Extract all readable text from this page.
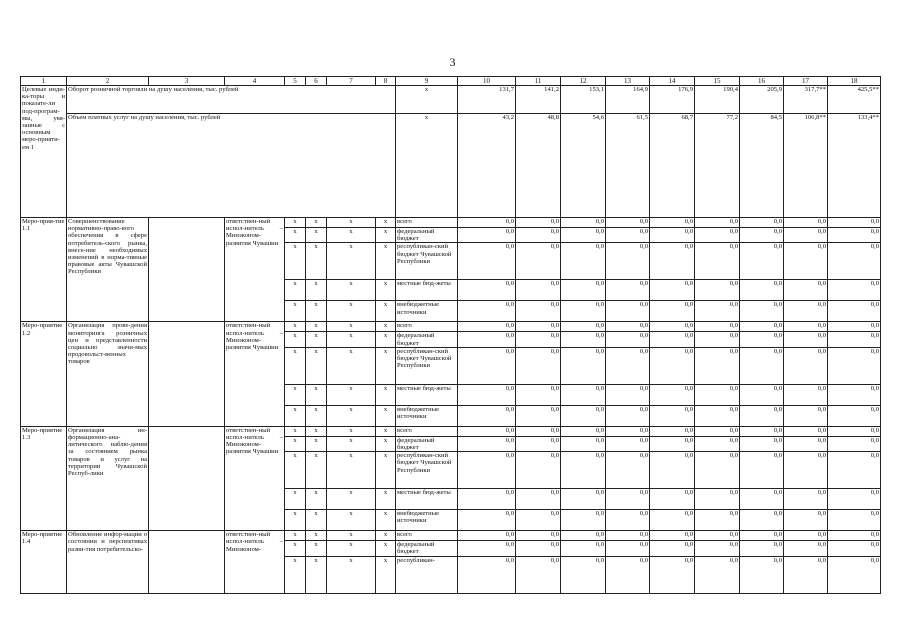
3
1	2	3	4	5	6	7	8	9	10	11	12	13	14	15	16	17	18
Целевые инди-ка-торы и показате-ли под-програм-мы, увя-занные с основным меро-прияти-ем 1	Оборот розничной торговли на душу населения, тыс. рублей							x	131,7	141,2	153,1	164,9	176,9	190,4	205,9	317,7**	425,5**
	Объем платных услуг на душу населения, тыс. рублей							x	43,2	48,8	54,6	61,5	68,7	77,2	84,5	106,8**	133,4**
Меро-прия-тие 1.1	Совершенствование нормативно-право-вого обеспечения в сфере потребитель-ского рынка, внесе-ние необходимых изменений в норма-тивные правовые акты Чувашской Республики		ответствен-ный испол-нитель – Минэконом-развития Чувашии	x	x	x	x	всего	0,0	0,0	0,0	0,0	0,0	0,0	0,0	0,0	0,0
				x	x	x	x	федеральный бюджет	0,0	0,0	0,0	0,0	0,0	0,0	0,0	0,0	0,0
				x	x	x	x	республикан-ский бюджет Чувашской Республики	0,0	0,0	0,0	0,0	0,0	0,0	0,0	0,0	0,0
				x	x	x	x	местные бюд-жеты	0,0	0,0	0,0	0,0	0,0	0,0	0,0	0,0	0,0
				x	x	x	x	внебюджетные источники	0,0	0,0	0,0	0,0	0,0	0,0	0,0	0,0	0,0
Меро-приятие 1.2	Организация прове-дения мониторинга розничных цен и представленности социально значи-мых продовольст-венных товаров		ответствен-ный испол-нитель – Минэконом-развития Чувашии	x	x	x	x	всего	0,0	0,0	0,0	0,0	0,0	0,0	0,0	0,0	0,0
				x	x	x	x	федеральный бюджет	0,0	0,0	0,0	0,0	0,0	0,0	0,0	0,0	0,0
				x	x	x	x	республикан-ский бюджет Чувашской Республики	0,0	0,0	0,0	0,0	0,0	0,0	0,0	0,0	0,0
				x	x	x	x	местные бюд-жеты	0,0	0,0	0,0	0,0	0,0	0,0	0,0	0,0	0,0
				x	x	x	x	внебюджетные источники	0,0	0,0	0,0	0,0	0,0	0,0	0,0	0,0	0,0
Меро-приятие 1.3	Организация ин-формационно-ана-литического наблю-дения за состоянием рынка товаров и услуг на территории Чувашской Респуб-лики		ответствен-ный испол-нитель – Минэконом-развития Чувашии	x	x	x	x	всего	0,0	0,0	0,0	0,0	0,0	0,0	0,0	0,0	0,0
				x	x	x	x	федеральный бюджет	0,0	0,0	0,0	0,0	0,0	0,0	0,0	0,0	0,0
				x	x	x	x	республикан-ский бюджет Чувашской Республики	0,0	0,0	0,0	0,0	0,0	0,0	0,0	0,0	0,0
				x	x	x	x	местные бюд-жеты	0,0	0,0	0,0	0,0	0,0	0,0	0,0	0,0	0,0
				x	x	x	x	внебюджетные источники	0,0	0,0	0,0	0,0	0,0	0,0	0,0	0,0	0,0
Меро-приятие 1.4	Обновление инфор-мации о состоянии и перспективах разви-тия потребительско-		ответствен-ный испол-нитель – Минэконом-	x	x	x	x	всего	0,0	0,0	0,0	0,0	0,0	0,0	0,0	0,0	0,0
				x	x	x	x	федеральный бюджет	0,0	0,0	0,0	0,0	0,0	0,0	0,0	0,0	0,0
				x	x	x	x	республикан-	0,0	0,0	0,0	0,0	0,0	0,0	0,0	0,0	0,0
